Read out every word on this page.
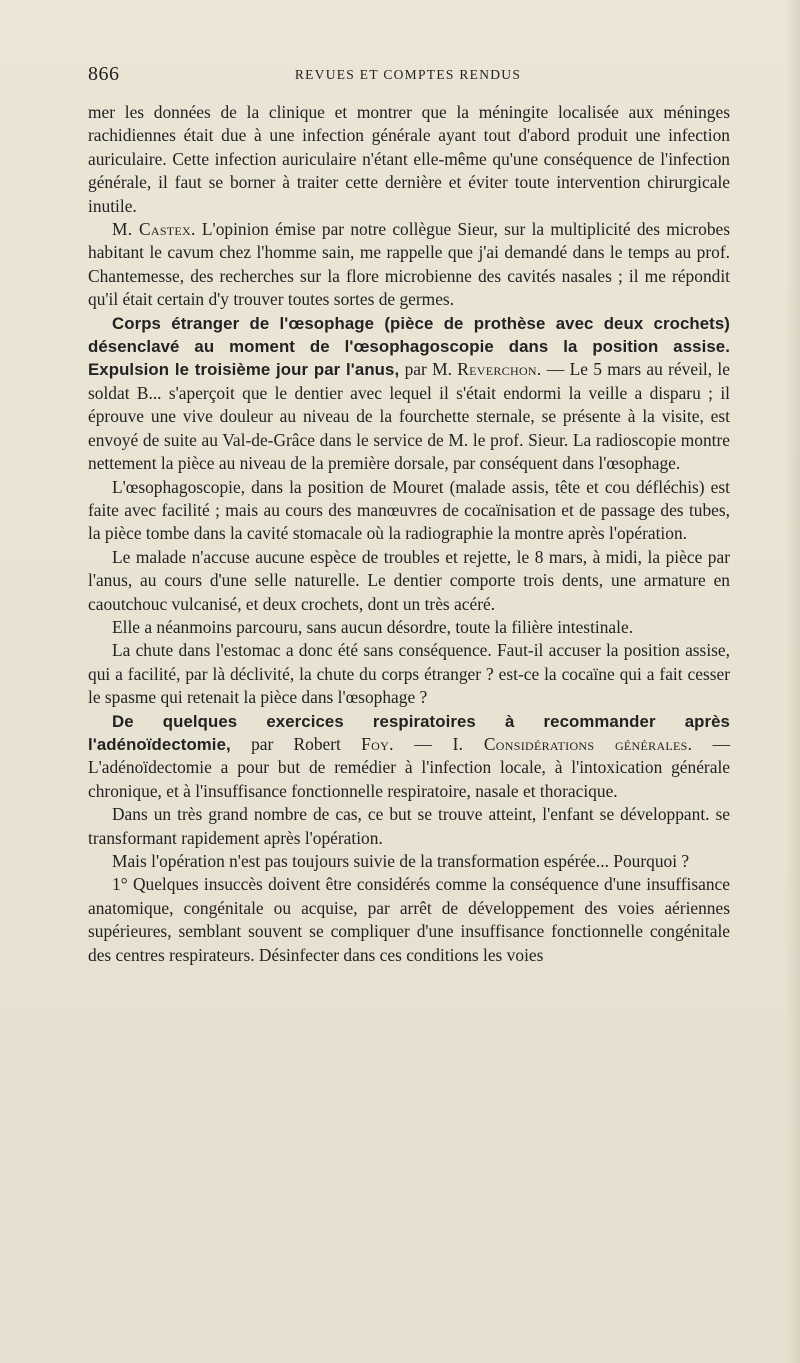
866	REVUES ET COMPTES RENDUS

mer les données de la clinique et montrer que la méningite localisée aux méninges rachidiennes était due à une infection générale ayant tout d'abord produit une infection auriculaire. Cette infection auriculaire n'étant elle-même qu'une conséquence de l'infection générale, il faut se borner à traiter cette dernière et éviter toute intervention chirurgicale inutile.

M. Castex. L'opinion émise par notre collègue Sieur, sur la multiplicité des microbes habitant le cavum chez l'homme sain, me rappelle que j'ai demandé dans le temps au prof. Chantemesse, des recherches sur la flore microbienne des cavités nasales ; il me répondit qu'il était certain d'y trouver toutes sortes de germes.

Corps étranger de l'œsophage (pièce de prothèse avec deux crochets) désenclavé au moment de l'œsophagoscopie dans la position assise. Expulsion le troisième jour par l'anus, par M. Reverchon. — Le 5 mars au réveil, le soldat B... s'aperçoit que le dentier avec lequel il s'était endormi la veille a disparu ; il éprouve une vive douleur au niveau de la fourchette sternale, se présente à la visite, est envoyé de suite au Val-de-Grâce dans le service de M. le prof. Sieur. La radioscopie montre nettement la pièce au niveau de la première dorsale, par conséquent dans l'œsophage.

L'œsophagoscopie, dans la position de Mouret (malade assis, tête et cou défléchis) est faite avec facilité ; mais au cours des manœuvres de cocaïnisation et de passage des tubes, la pièce tombe dans la cavité stomacale où la radiographie la montre après l'opération.

Le malade n'accuse aucune espèce de troubles et rejette, le 8 mars, à midi, la pièce par l'anus, au cours d'une selle naturelle. Le dentier comporte trois dents, une armature en caoutchouc vulcanisé, et deux crochets, dont un très acéré.

Elle a néanmoins parcouru, sans aucun désordre, toute la filière intestinale.

La chute dans l'estomac a donc été sans conséquence. Faut-il accuser la position assise, qui a facilité, par là déclivité, la chute du corps étranger ? est-ce la cocaïne qui a fait cesser le spasme qui retenait la pièce dans l'œsophage ?

De quelques exercices respiratoires à recommander après l'adénoïdectomie, par Robert Foy. — I. Considérations générales. — L'adénoïdectomie a pour but de remédier à l'infection locale, à l'intoxication générale chronique, et à l'insuffisance fonctionnelle respiratoire, nasale et thoracique.

Dans un très grand nombre de cas, ce but se trouve atteint, l'enfant se développant. se transformant rapidement après l'opération.

Mais l'opération n'est pas toujours suivie de la transformation espérée... Pourquoi ?

1° Quelques insuccès doivent être considérés comme la conséquence d'une insuffisance anatomique, congénitale ou acquise, par arrêt de développement des voies aériennes supérieures, semblant souvent se compliquer d'une insuffisance fonctionnelle congénitale des centres respirateurs. Désinfecter dans ces conditions les voies
